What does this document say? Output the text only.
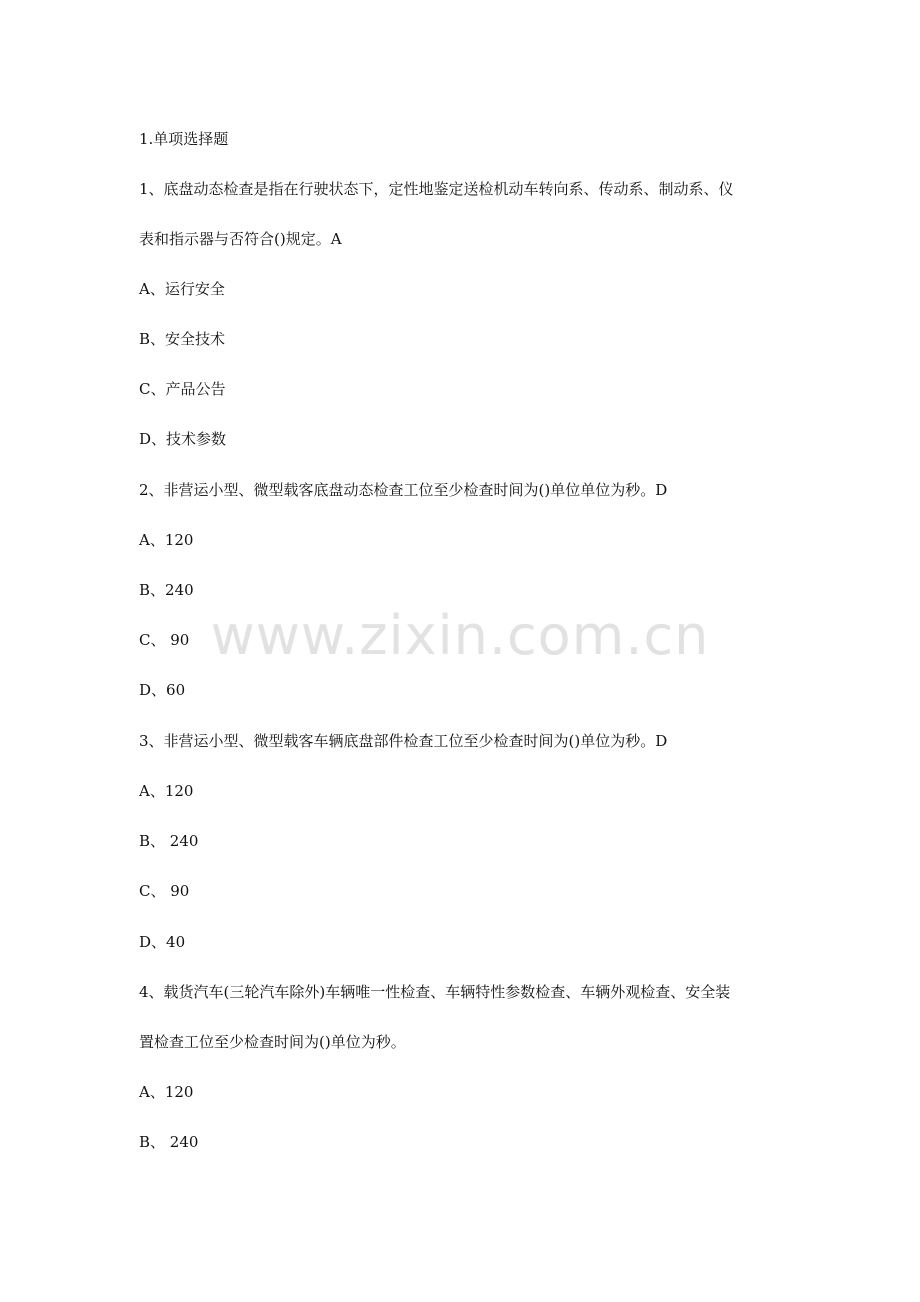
www.zixin.com.cn
1.单项选择题
1、底盘动态检查是指在行驶状态下，定性地鉴定送检机动车转向系、传动系、制动系、仪
表和指示器与否符合()规定。A
A、运行安全
B、安全技术
C、产品公告
D、技术参数
2、非营运小型、微型载客底盘动态检查工位至少检查时间为()单位单位为秒。D
A、120
B、240
C、 90
D、60
3、非营运小型、微型载客车辆底盘部件检查工位至少检查时间为()单位为秒。D
A、120
B、 240
C、 90
D、40
4、载货汽车(三轮汽车除外)车辆唯一性检查、车辆特性参数检查、车辆外观检查、安全装
置检查工位至少检查时间为()单位为秒。
A、120
B、 240
